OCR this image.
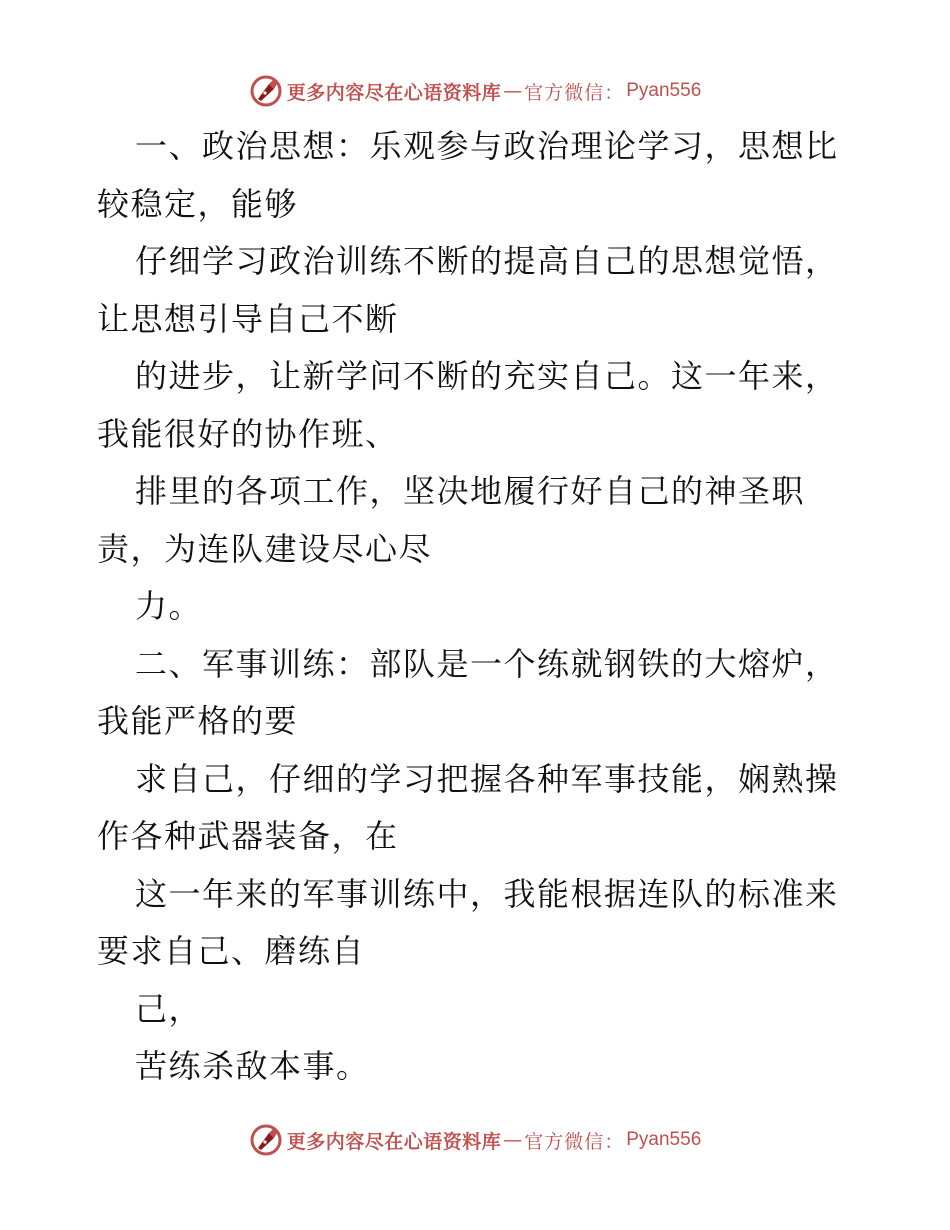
更多内容尽在心语资料库 — 官方微信： Pyan556
一、政治思想：乐观参与政治理论学习，思想比
较稳定，能够
仔细学习政治训练不断的提高自己的思想觉悟，
让思想引导自己不断
的进步，让新学问不断的充实自己。这一年来，
我能很好的协作班、
排里的各项工作，坚决地履行好自己的神圣职
责，为连队建设尽心尽
力。
二、军事训练：部队是一个练就钢铁的大熔炉，
我能严格的要
求自己，仔细的学习把握各种军事技能，娴熟操
作各种武器装备，在
这一年来的军事训练中，我能根据连队的标准来
要求自己、磨练自
己，
苦练杀敌本事。
更多内容尽在心语资料库 — 官方微信： Pyan556
